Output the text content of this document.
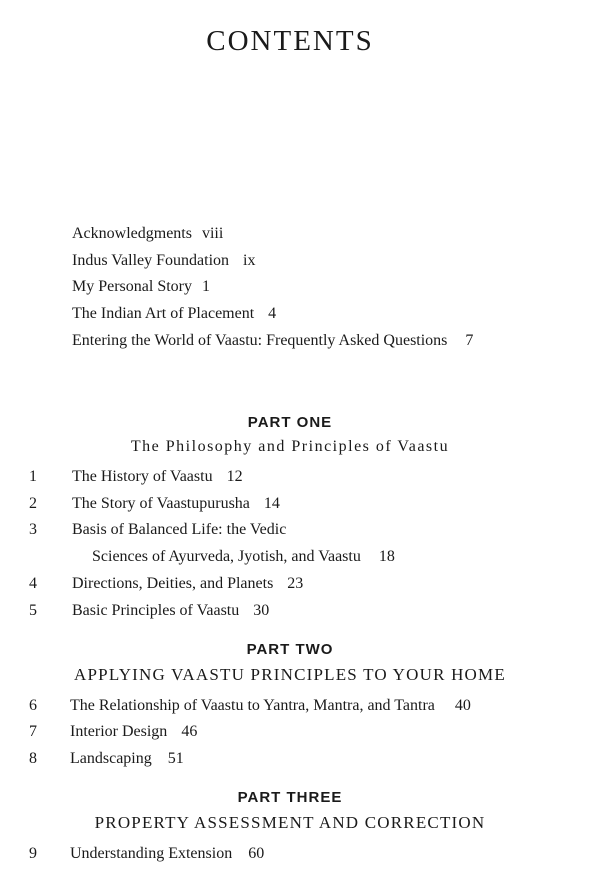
CONTENTS
Acknowledgments viii
Indus Valley Foundation ix
My Personal Story 1
The Indian Art of Placement 4
Entering the World of Vaastu: Frequently Asked Questions 7
PART ONE
The Philosophy and Principles of Vaastu
1 The History of Vaastu 12
2 The Story of Vaastupurusha 14
3 Basis of Balanced Life: the Vedic
Sciences of Ayurveda, Jyotish, and Vaastu 18
4 Directions, Deities, and Planets 23
5 Basic Principles of Vaastu 30
PART TWO
APPLYING VAASTU PRINCIPLES TO YOUR HOME
6 The Relationship of Vaastu to Yantra, Mantra, and Tantra 40
7 Interior Design 46
8 Landscaping 51
PART THREE
PROPERTY ASSESSMENT AND CORRECTION
9 Understanding Extension 60
